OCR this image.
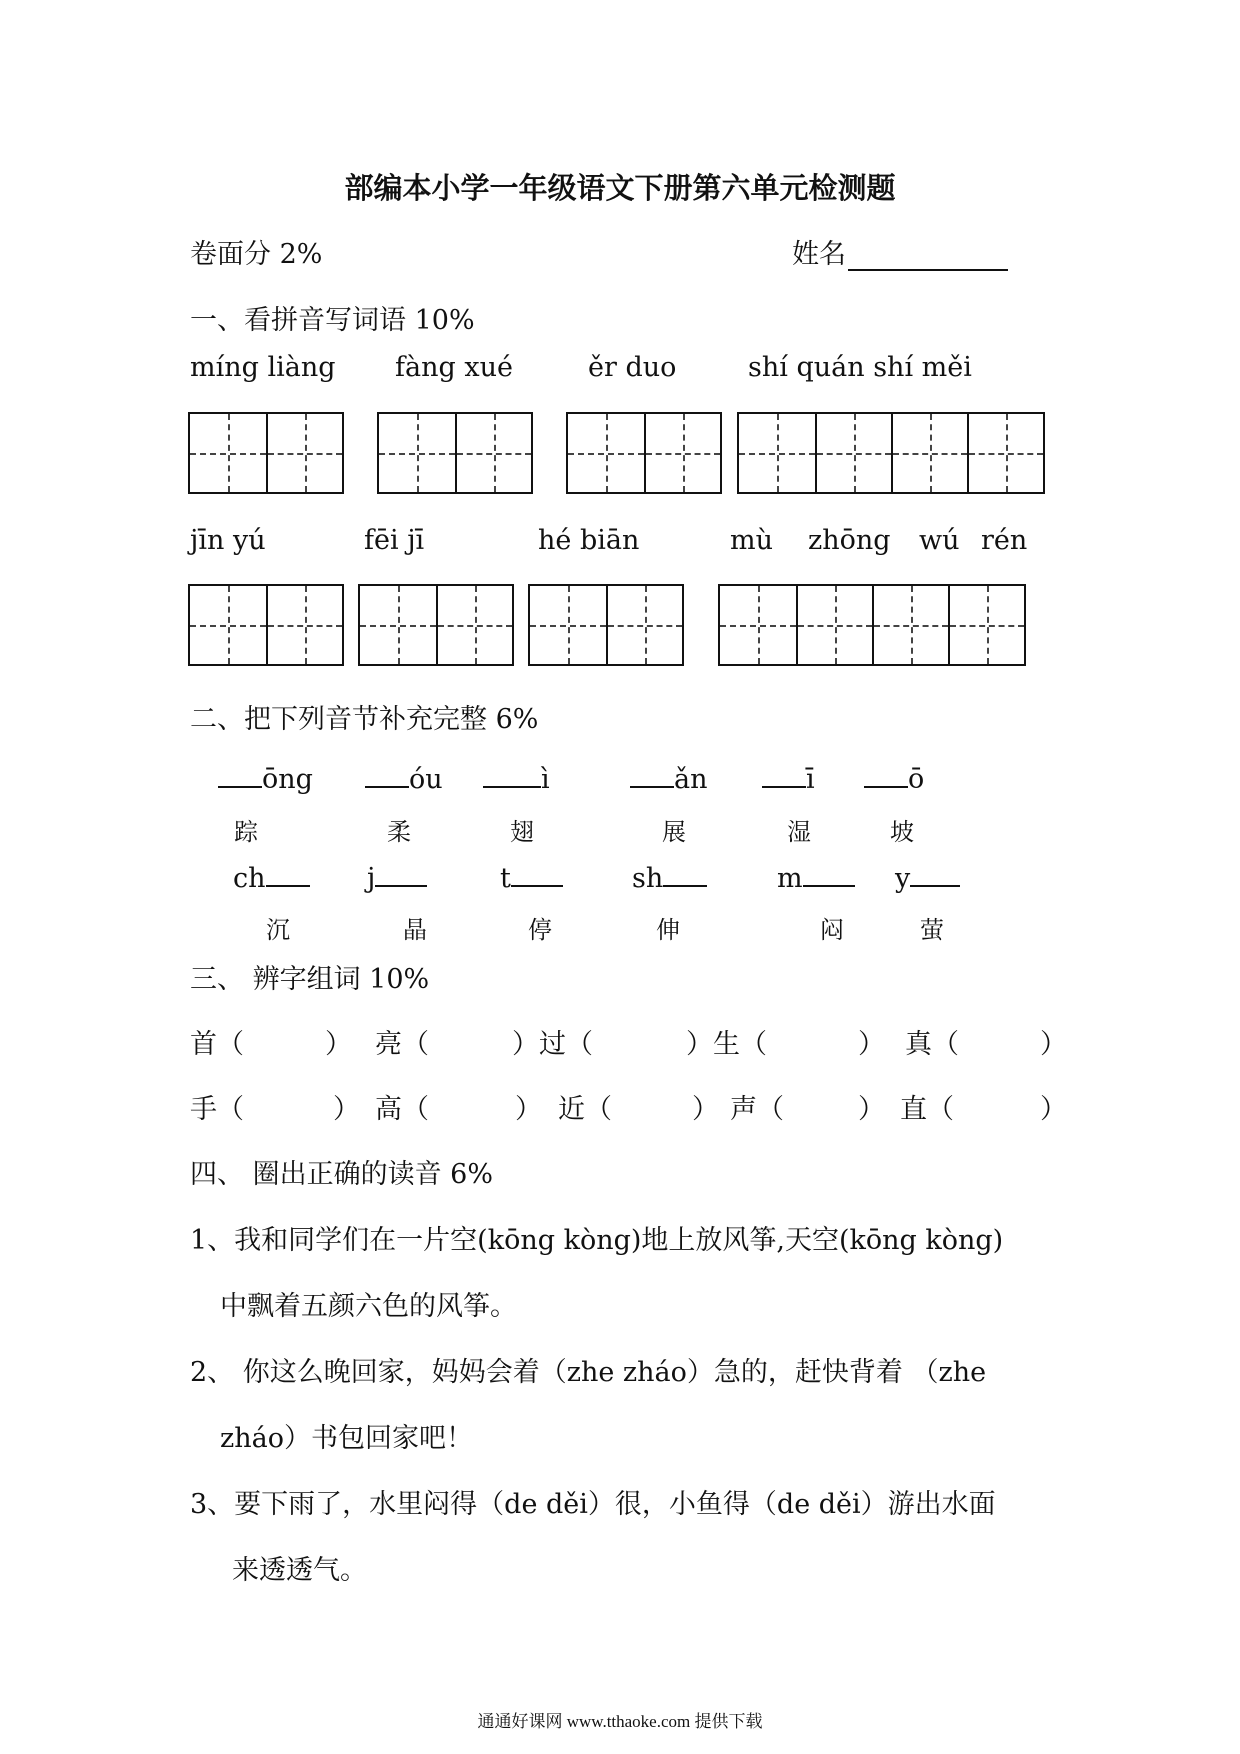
部编本小学一年级语文下册第六单元检测题
卷面分 2%	姓名
一、看拼音写词语 10%
míng liàng fàng xué	ěr duo	shí quán shí měi
jīn yú	fēi jī	hé biān	mù zhōng wú rén
二、把下列音节补充完整 6%
ōng	óu	ì	ǎn	ī	ō
踪	柔	翅	展	湿	坡
ch	j	t	sh	m	y
沉	晶	停	伸	闷	萤
三、 辨字组词 10%
首（	） 亮（	）过（	）生（	） 真（	）
手（	） 高（	） 近（	） 声（	） 直（	）
四、 圈出正确的读音 6%
1、我和同学们在一片空(kōng kòng)地上放风筝,天空(kōng kòng)
中飘着五颜六色的风筝。
2、 你这么晚回家，妈妈会着（zhe zháo）急的，赶快背着 （zhe
zháo）书包回家吧！
3、要下雨了，水里闷得（de děi）很，小鱼得（de děi）游出水面
来透透气。
通通好课网 www.tthaoke.com 提供下载
